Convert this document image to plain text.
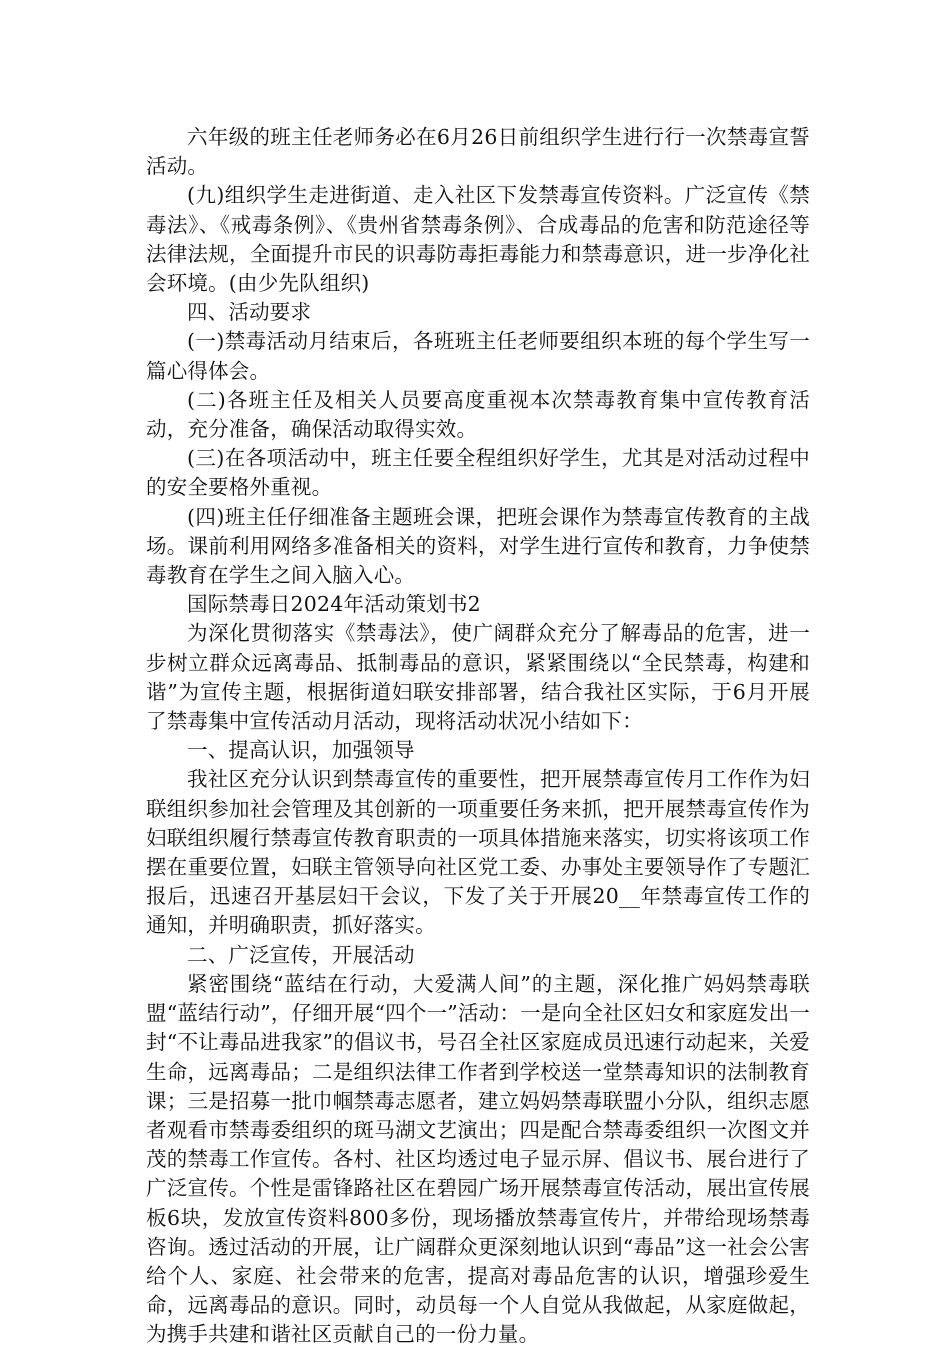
六年级的班主任老师务必在6月26日前组织学生进行行一次禁毒宣誓活动。

(九)组织学生走进街道、走入社区下发禁毒宣传资料。广泛宣传《禁毒法》、《戒毒条例》、《贵州省禁毒条例》、合成毒品的危害和防范途径等法律法规，全面提升市民的识毒防毒拒毒能力和禁毒意识，进一步净化社会环境。(由少先队组织)

四、活动要求

(一)禁毒活动月结束后，各班班主任老师要组织本班的每个学生写一篇心得体会。

(二)各班主任及相关人员要高度重视本次禁毒教育集中宣传教育活动，充分准备，确保活动取得实效。

(三)在各项活动中，班主任要全程组织好学生，尤其是对活动过程中的安全要格外重视。

(四)班主任仔细准备主题班会课，把班会课作为禁毒宣传教育的主战场。课前利用网络多准备相关的资料，对学生进行宣传和教育，力争使禁毒教育在学生之间入脑入心。

国际禁毒日2024年活动策划书2

为深化贯彻落实《禁毒法》，使广阔群众充分了解毒品的危害，进一步树立群众远离毒品、抵制毒品的意识，紧紧围绕以“全民禁毒，构建和谐”为宣传主题，根据街道妇联安排部署，结合我社区实际，于6月开展了禁毒集中宣传活动月活动，现将活动状况小结如下：

一、提高认识，加强领导

我社区充分认识到禁毒宣传的重要性，把开展禁毒宣传月工作作为妇联组织参加社会管理及其创新的一项重要任务来抓，把开展禁毒宣传作为妇联组织履行禁毒宣传教育职责的一项具体措施来落实，切实将该项工作摆在重要位置，妇联主管领导向社区党工委、办事处主要领导作了专题汇报后，迅速召开基层妇干会议，下发了关于开展20__年禁毒宣传工作的通知，并明确职责，抓好落实。

二、广泛宣传，开展活动

紧密围绕“蓝结在行动，大爱满人间”的主题，深化推广妈妈禁毒联盟“蓝结行动”，仔细开展“四个一”活动：一是向全社区妇女和家庭发出一封“不让毒品进我家”的倡议书，号召全社区家庭成员迅速行动起来，关爱生命，远离毒品；二是组织法律工作者到学校送一堂禁毒知识的法制教育课；三是招募一批巾帼禁毒志愿者，建立妈妈禁毒联盟小分队，组织志愿者观看市禁毒委组织的斑马湖文艺演出；四是配合禁毒委组织一次图文并茂的禁毒工作宣传。各村、社区均透过电子显示屏、倡议书、展台进行了广泛宣传。个性是雷锋路社区在碧园广场开展禁毒宣传活动，展出宣传展板6块，发放宣传资料800多份，现场播放禁毒宣传片，并带给现场禁毒咨询。透过活动的开展，让广阔群众更深刻地认识到“毒品”这一社会公害给个人、家庭、社会带来的危害，提高对毒品危害的认识，增强珍爱生命，远离毒品的意识。同时，动员每一个人自觉从我做起，从家庭做起，为携手共建和谐社区贡献自己的一份力量。
